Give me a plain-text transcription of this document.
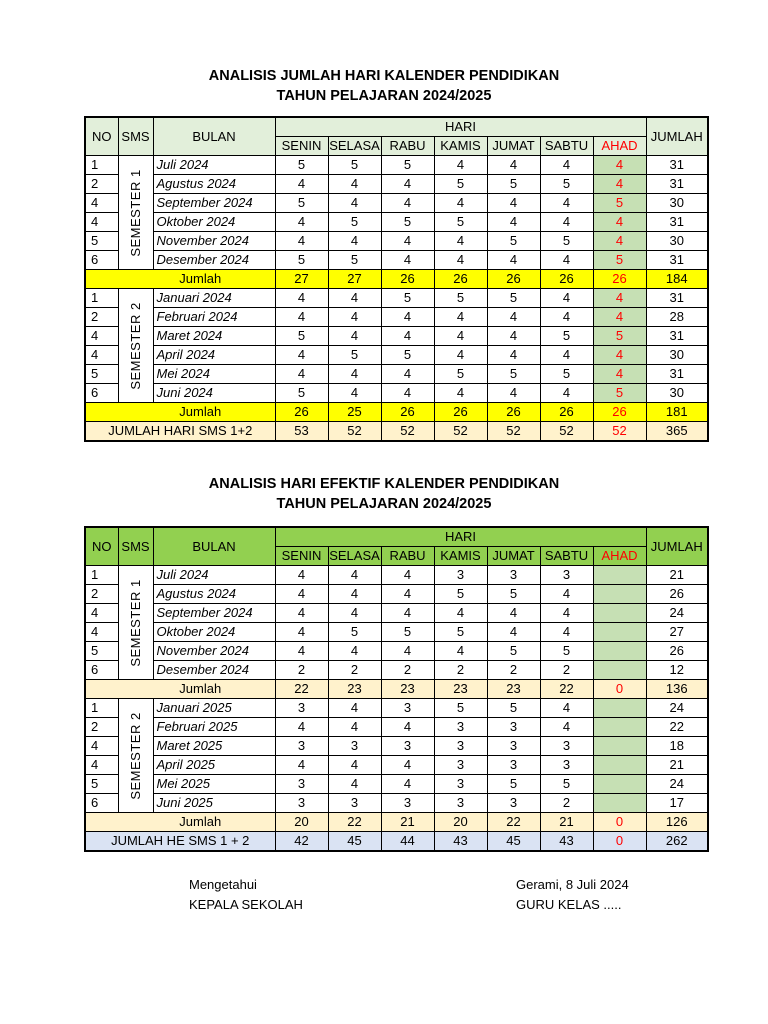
ANALISIS JUMLAH HARI KALENDER PENDIDIKAN
TAHUN PELAJARAN 2024/2025
NO	SMS	BULAN	HARI							JUMLAH
			SENIN	SELASA	RABU	KAMIS	JUMAT	SABTU	AHAD	
1	SEMESTER 1	Juli 2024	5	5	5	4	4	4	4	31
2		Agustus 2024	4	4	4	5	5	5	4	31
4		September 2024	5	4	4	4	4	4	5	30
4		Oktober 2024	4	5	5	5	4	4	4	31
5		November 2024	4	4	4	4	5	5	4	30
6		Desember 2024	5	5	4	4	4	4	5	31
Jumlah			27	27	26	26	26	26	26	184
1	SEMESTER 2	Januari 2024	4	4	5	5	5	4	4	31
2		Februari 2024	4	4	4	4	4	4	4	28
4		Maret 2024	5	4	4	4	4	5	5	31
4		April 2024	4	5	5	4	4	4	4	30
5		Mei 2024	4	4	4	5	5	5	4	31
6		Juni 2024	5	4	4	4	4	4	5	30
Jumlah			26	25	26	26	26	26	26	181
JUMLAH HARI SMS 1+2			53	52	52	52	52	52	52	365
ANALISIS HARI EFEKTIF KALENDER PENDIDIKAN
TAHUN PELAJARAN 2024/2025
NO	SMS	BULAN	HARI							JUMLAH
			SENIN	SELASA	RABU	KAMIS	JUMAT	SABTU	AHAD	
1	SEMESTER 1	Juli 2024	4	4	4	3	3	3		21
2		Agustus 2024	4	4	4	5	5	4		26
4		September 2024	4	4	4	4	4	4		24
4		Oktober 2024	4	5	5	5	4	4		27
5		November 2024	4	4	4	4	5	5		26
6		Desember 2024	2	2	2	2	2	2		12
Jumlah			22	23	23	23	23	22	0	136
1	SEMESTER 2	Januari 2025	3	4	3	5	5	4		24
2		Februari 2025	4	4	4	3	3	4		22
4		Maret 2025	3	3	3	3	3	3		18
4		April 2025	4	4	4	3	3	3		21
5		Mei 2025	3	4	4	3	5	5		24
6		Juni 2025	3	3	3	3	3	2		17
Jumlah			20	22	21	20	22	21	0	126
JUMLAH HE SMS 1 + 2			42	45	44	43	45	43	0	262
Mengetahui
KEPALA SEKOLAH
Gerami, 8 Juli 2024
GURU KELAS .....
